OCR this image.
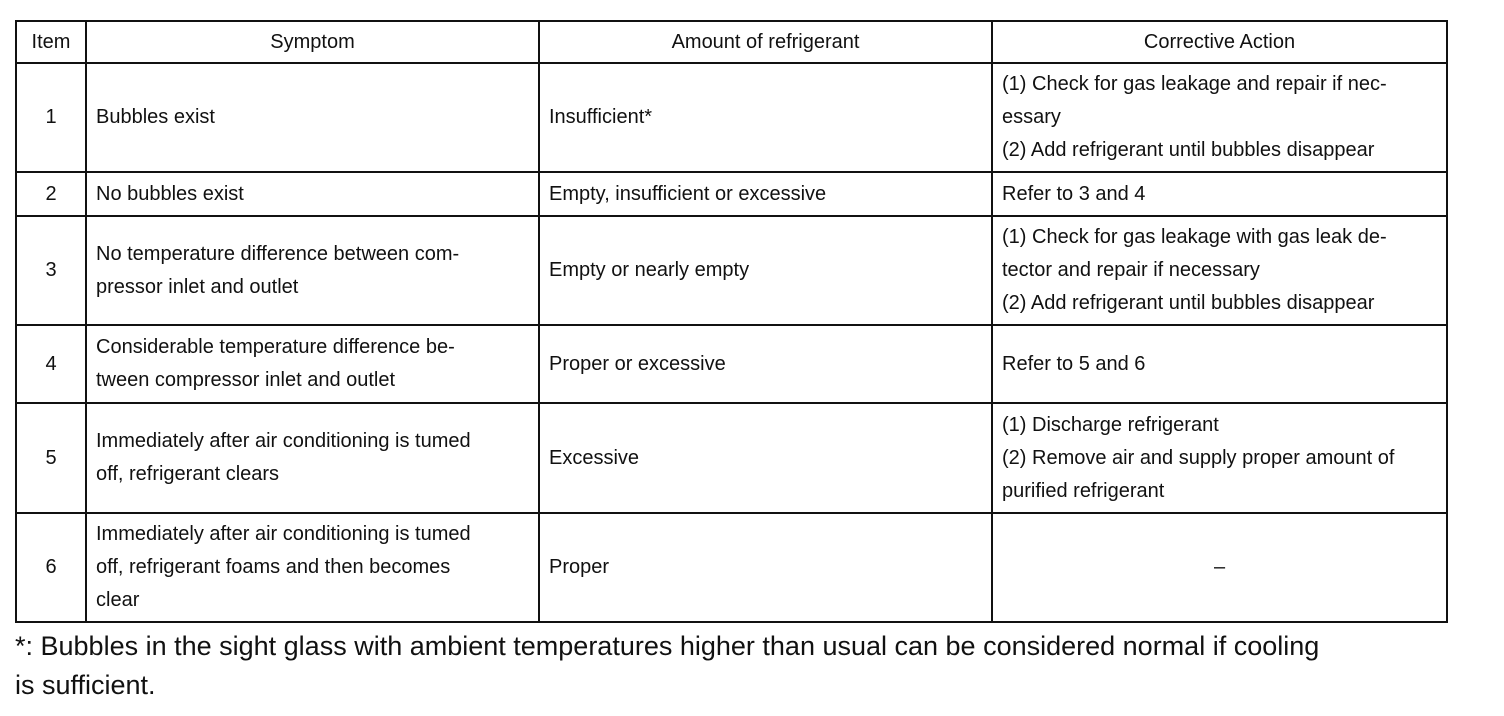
Item	Symptom	Amount of refrigerant	Corrective Action
1	Bubbles exist	Insufficient*	(1) Check for gas leakage and repair if nec-
essary
(2) Add refrigerant until bubbles disappear

2	No bubbles exist	Empty, insufficient or excessive	Refer to 3 and 4

3	No temperature difference between com-
pressor inlet and outlet	Empty or nearly empty	(1) Check for gas leakage with gas leak de-
tector and repair if necessary
(2) Add refrigerant until bubbles disappear

4	Considerable temperature difference be-
tween compressor inlet and outlet	Proper or excessive	Refer to 5 and 6

5	Immediately after air conditioning is tumed
off, refrigerant clears	Excessive	(1) Discharge refrigerant
(2) Remove air and supply proper amount of
purified refrigerant

6	Immediately after air conditioning is tumed
off, refrigerant foams and then becomes
clear	Proper	–
*: Bubbles in the sight glass with ambient temperatures higher than usual can be considered normal if cooling
is sufficient.
